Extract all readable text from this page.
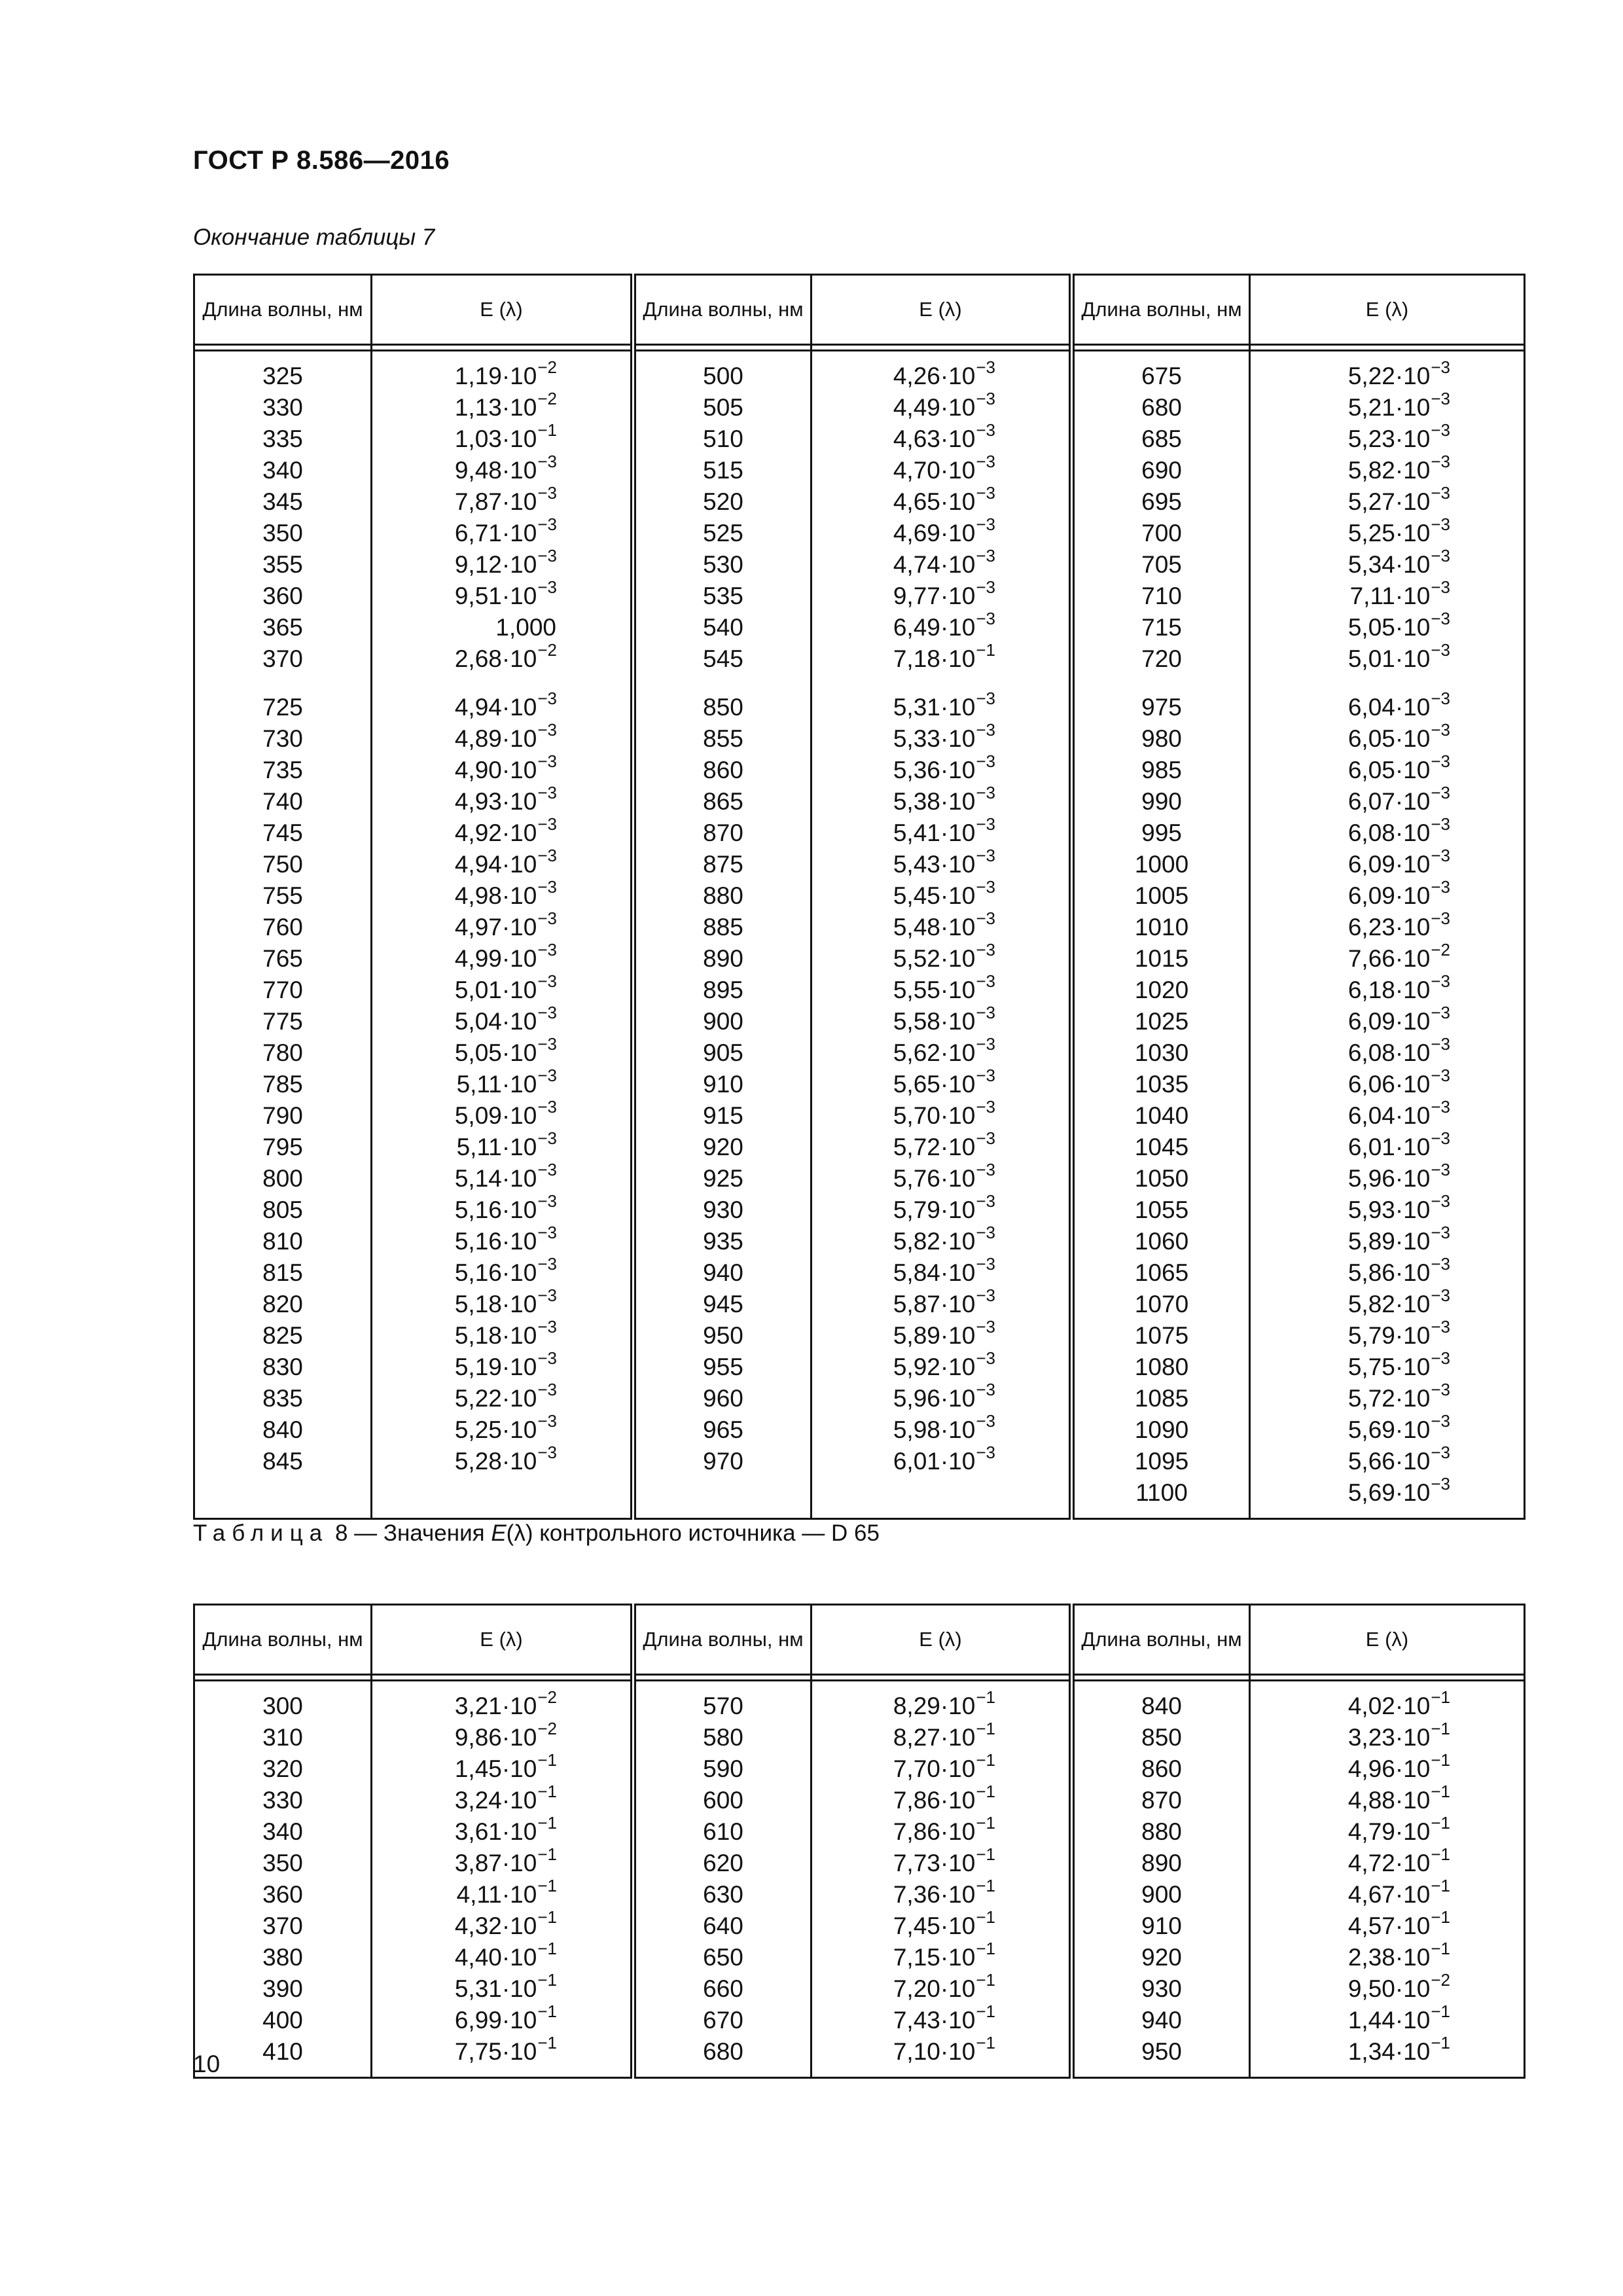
ГОСТ Р 8.586—2016
Окончание таблицы 7
Длина волны, нм	E (λ)	Длина волны, нм	E (λ)	Длина волны, нм	E (λ)

325	$1,19\cdot 10^{-2}$	500	$4,26\cdot 10^{-3}$	675	$5,22\cdot 10^{-3}$
330	$1,13\cdot 10^{-2}$	505	$4,49\cdot 10^{-3}$	680	$5,21\cdot 10^{-3}$
335	$1,03\cdot 10^{-1}$	510	$4,63\cdot 10^{-3}$	685	$5,23\cdot 10^{-3}$
340	$9,48\cdot 10^{-3}$	515	$4,70\cdot 10^{-3}$	690	$5,82\cdot 10^{-3}$
345	$7,87\cdot 10^{-3}$	520	$4,65\cdot 10^{-3}$	695	$5,27\cdot 10^{-3}$
350	$6,71\cdot 10^{-3}$	525	$4,69\cdot 10^{-3}$	700	$5,25\cdot 10^{-3}$
355	$9,12\cdot 10^{-3}$	530	$4,74\cdot 10^{-3}$	705	$5,34\cdot 10^{-3}$
360	$9,51\cdot 10^{-3}$	535	$9,77\cdot 10^{-3}$	710	$7,11\cdot 10^{-3}$
365	1,000	540	$6,49\cdot 10^{-3}$	715	$5,05\cdot 10^{-3}$
370	$2,68\cdot 10^{-2}$	545	$7,18\cdot 10^{-1}$	720	$5,01\cdot 10^{-3}$

725	$4,94\cdot 10^{-3}$	850	$5,31\cdot 10^{-3}$	975	$6,04\cdot 10^{-3}$
730	$4,89\cdot 10^{-3}$	855	$5,33\cdot 10^{-3}$	980	$6,05\cdot 10^{-3}$
735	$4,90\cdot 10^{-3}$	860	$5,36\cdot 10^{-3}$	985	$6,05\cdot 10^{-3}$
740	$4,93\cdot 10^{-3}$	865	$5,38\cdot 10^{-3}$	990	$6,07\cdot 10^{-3}$
745	$4,92\cdot 10^{-3}$	870	$5,41\cdot 10^{-3}$	995	$6,08\cdot 10^{-3}$
750	$4,94\cdot 10^{-3}$	875	$5,43\cdot 10^{-3}$	1000	$6,09\cdot 10^{-3}$
755	$4,98\cdot 10^{-3}$	880	$5,45\cdot 10^{-3}$	1005	$6,09\cdot 10^{-3}$
760	$4,97\cdot 10^{-3}$	885	$5,48\cdot 10^{-3}$	1010	$6,23\cdot 10^{-3}$
765	$4,99\cdot 10^{-3}$	890	$5,52\cdot 10^{-3}$	1015	$7,66\cdot 10^{-2}$
770	$5,01\cdot 10^{-3}$	895	$5,55\cdot 10^{-3}$	1020	$6,18\cdot 10^{-3}$
775	$5,04\cdot 10^{-3}$	900	$5,58\cdot 10^{-3}$	1025	$6,09\cdot 10^{-3}$
780	$5,05\cdot 10^{-3}$	905	$5,62\cdot 10^{-3}$	1030	$6,08\cdot 10^{-3}$
785	$5,11\cdot 10^{-3}$	910	$5,65\cdot 10^{-3}$	1035	$6,06\cdot 10^{-3}$
790	$5,09\cdot 10^{-3}$	915	$5,70\cdot 10^{-3}$	1040	$6,04\cdot 10^{-3}$
795	$5,11\cdot 10^{-3}$	920	$5,72\cdot 10^{-3}$	1045	$6,01\cdot 10^{-3}$
800	$5,14\cdot 10^{-3}$	925	$5,76\cdot 10^{-3}$	1050	$5,96\cdot 10^{-3}$
805	$5,16\cdot 10^{-3}$	930	$5,79\cdot 10^{-3}$	1055	$5,93\cdot 10^{-3}$
810	$5,16\cdot 10^{-3}$	935	$5,82\cdot 10^{-3}$	1060	$5,89\cdot 10^{-3}$
815	$5,16\cdot 10^{-3}$	940	$5,84\cdot 10^{-3}$	1065	$5,86\cdot 10^{-3}$
820	$5,18\cdot 10^{-3}$	945	$5,87\cdot 10^{-3}$	1070	$5,82\cdot 10^{-3}$
825	$5,18\cdot 10^{-3}$	950	$5,89\cdot 10^{-3}$	1075	$5,79\cdot 10^{-3}$
830	$5,19\cdot 10^{-3}$	955	$5,92\cdot 10^{-3}$	1080	$5,75\cdot 10^{-3}$
835	$5,22\cdot 10^{-3}$	960	$5,96\cdot 10^{-3}$	1085	$5,72\cdot 10^{-3}$
840	$5,25\cdot 10^{-3}$	965	$5,98\cdot 10^{-3}$	1090	$5,69\cdot 10^{-3}$
845	$5,28\cdot 10^{-3}$	970	$6,01\cdot 10^{-3}$	1095	$5,66\cdot 10^{-3}$
				1100	$5,69\cdot 10^{-3}$

Таблица 8 — Значения E(λ) контрольного источника — D 65
Длина волны, нм	E (λ)	Длина волны, нм	E (λ)	Длина волны, нм	E (λ)

300	$3,21\cdot 10^{-2}$	570	$8,29\cdot 10^{-1}$	840	$4,02\cdot 10^{-1}$
310	$9,86\cdot 10^{-2}$	580	$8,27\cdot 10^{-1}$	850	$3,23\cdot 10^{-1}$
320	$1,45\cdot 10^{-1}$	590	$7,70\cdot 10^{-1}$	860	$4,96\cdot 10^{-1}$
330	$3,24\cdot 10^{-1}$	600	$7,86\cdot 10^{-1}$	870	$4,88\cdot 10^{-1}$
340	$3,61\cdot 10^{-1}$	610	$7,86\cdot 10^{-1}$	880	$4,79\cdot 10^{-1}$
350	$3,87\cdot 10^{-1}$	620	$7,73\cdot 10^{-1}$	890	$4,72\cdot 10^{-1}$
360	$4,11\cdot 10^{-1}$	630	$7,36\cdot 10^{-1}$	900	$4,67\cdot 10^{-1}$
370	$4,32\cdot 10^{-1}$	640	$7,45\cdot 10^{-1}$	910	$4,57\cdot 10^{-1}$
380	$4,40\cdot 10^{-1}$	650	$7,15\cdot 10^{-1}$	920	$2,38\cdot 10^{-1}$
390	$5,31\cdot 10^{-1}$	660	$7,20\cdot 10^{-1}$	930	$9,50\cdot 10^{-2}$
400	$6,99\cdot 10^{-1}$	670	$7,43\cdot 10^{-1}$	940	$1,44\cdot 10^{-1}$
410	$7,75\cdot 10^{-1}$	680	$7,10\cdot 10^{-1}$	950	$1,34\cdot 10^{-1}$

10
